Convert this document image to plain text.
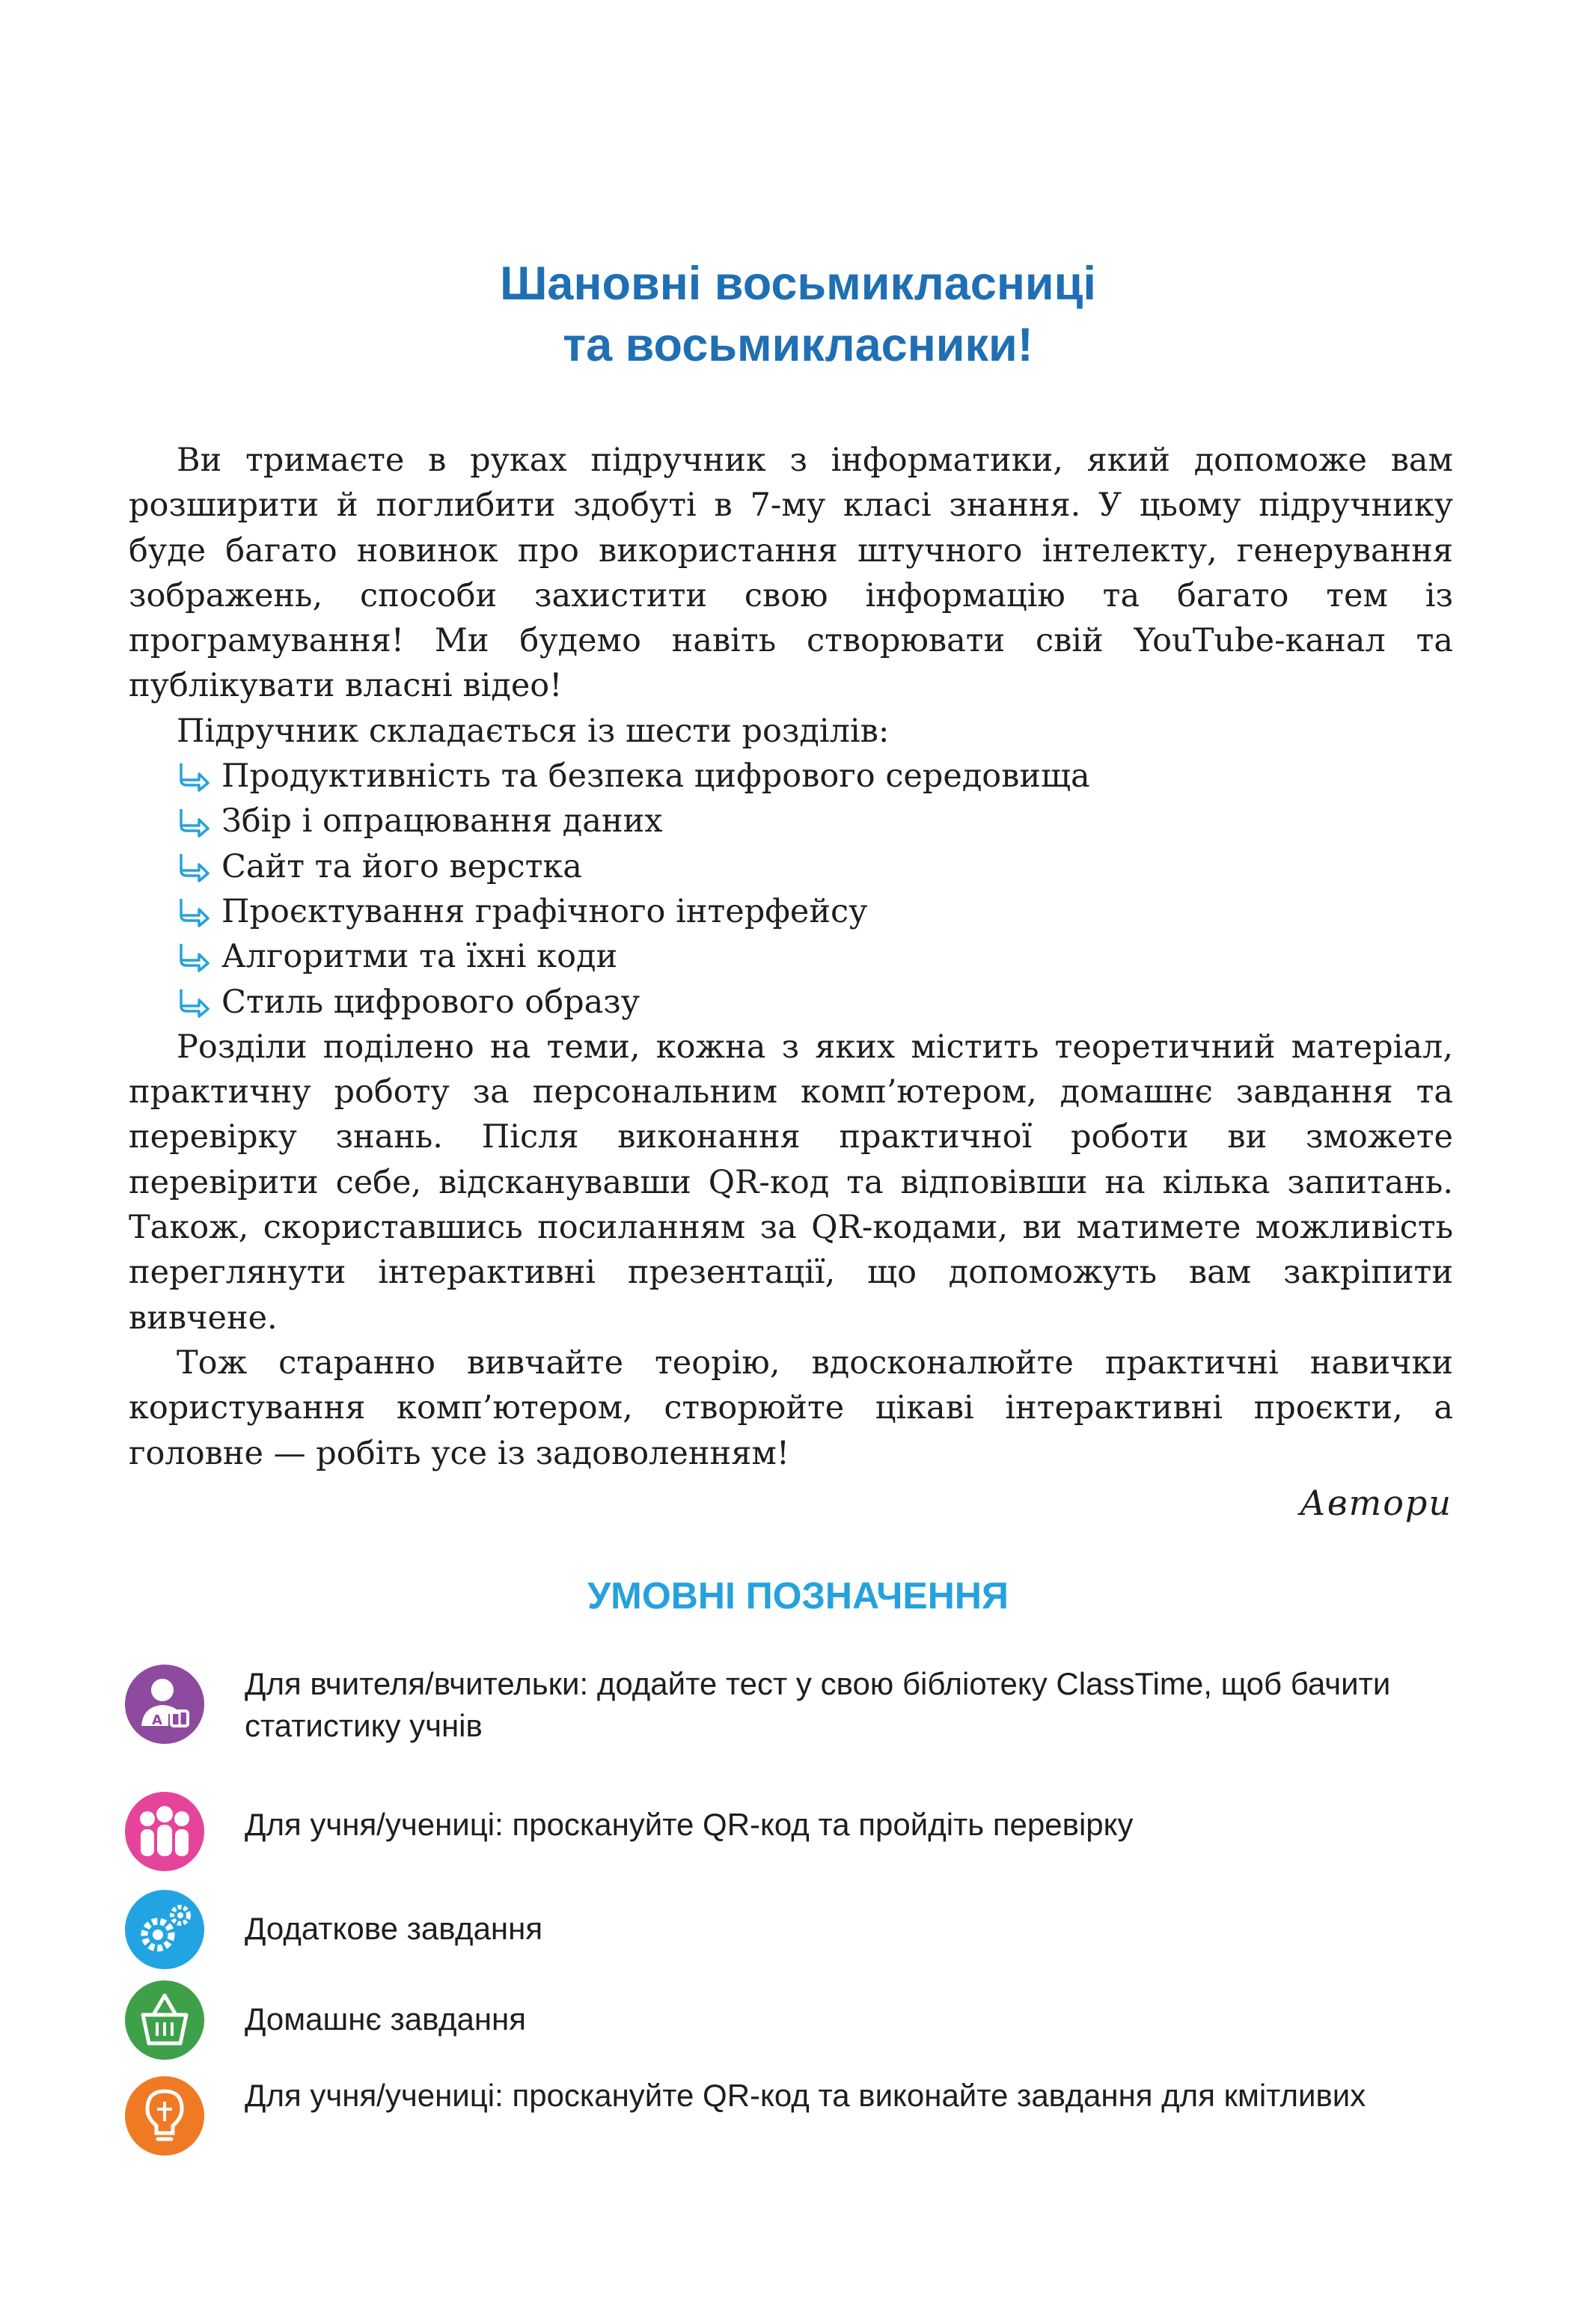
Шановні восьмикласниці
та восьмикласники!

Ви тримаєте в руках підручник з інформатики, який допоможе вам розширити й поглибити здобуті в 7-му класі знання. У цьому підручнику буде багато новинок про використання штучного інтелекту, генерування зображень, способи захистити свою інформацію та багато тем із програмування! Ми будемо навіть створювати свій YouTube-канал та публікувати власні відео!

Підручник складається із шести розділів:

Продуктивність та безпека цифрового середовища
Збір і опрацювання даних
Сайт та його верстка
Проєктування графічного інтерфейсу
Алгоритми та їхні коди
Стиль цифрового образу

Розділи поділено на теми, кожна з яких містить теоретичний матеріал, практичну роботу за персональним комп’ютером, домашнє завдання та перевірку знань. Після виконання практичної роботи ви зможете перевірити себе, відсканувавши QR-код та відповівши на кілька запитань. Також, скориставшись посиланням за QR-кодами, ви матимете можливість переглянути інтерактивні презентації, що допоможуть вам закріпити вивчене.

Тож старанно вивчайте теорію, вдосконалюйте практичні навички користування комп’ютером, створюйте цікаві інтерактивні проєкти, а головне — робіть усе із задоволенням!

Автори
УМОВНІ ПОЗНАЧЕННЯ
A
Для вчителя/вчительки: додайте тест у свою бібліотеку ClassTime, щоб бачити статистику учнів
Для учня/учениці: проскануйте QR-код та пройдіть перевірку
Додаткове завдання
Домашнє завдання
Для учня/учениці: проскануйте QR-код та виконайте завдання для кмітливих
